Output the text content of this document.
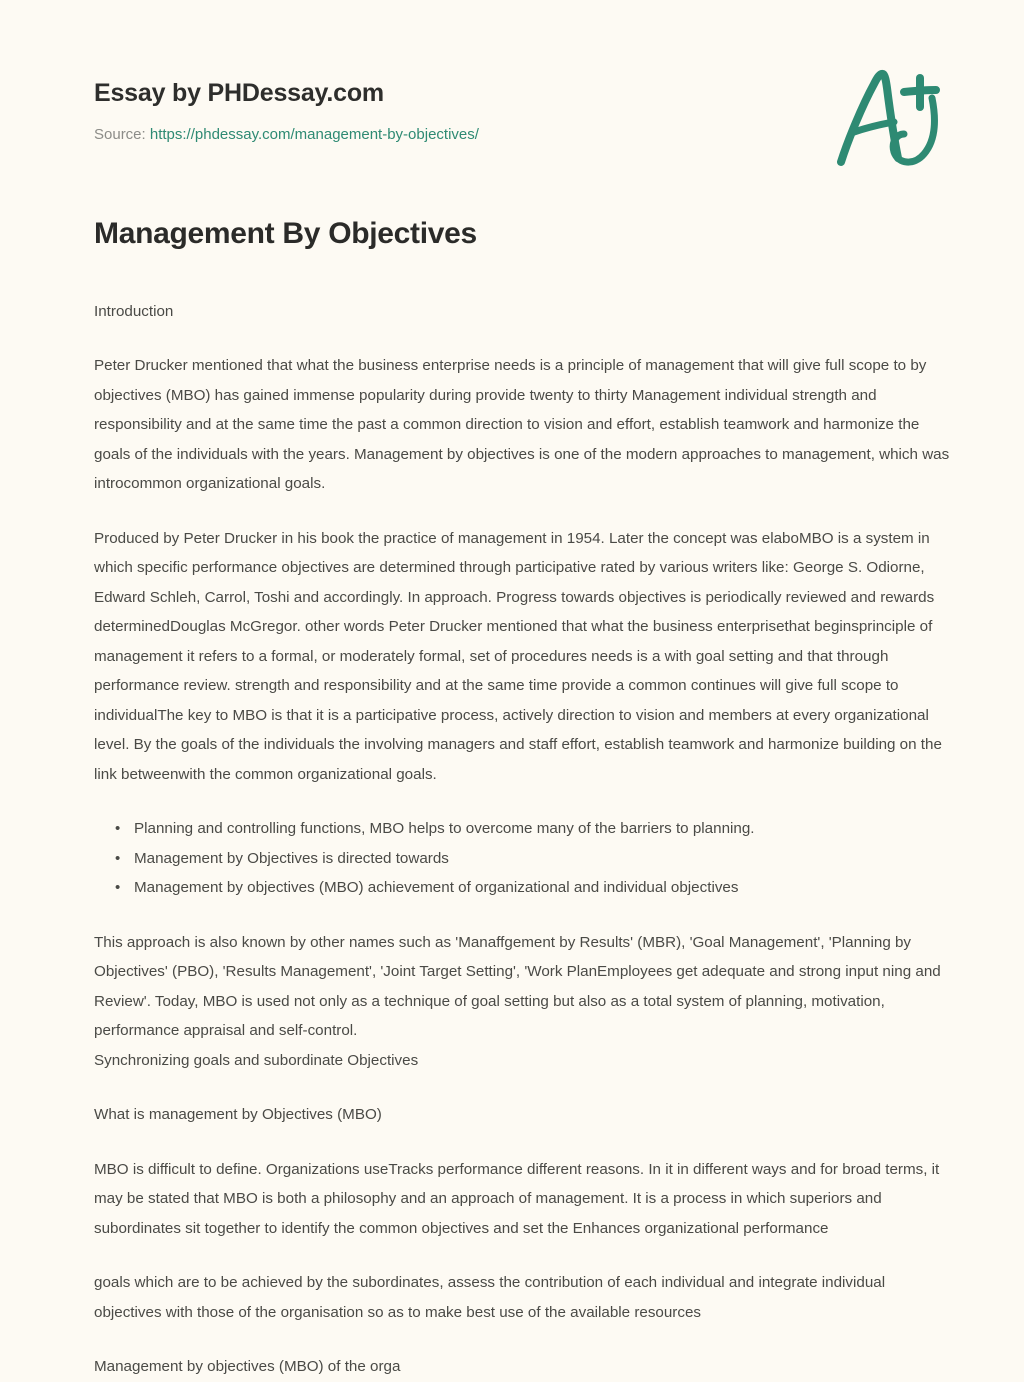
Essay by PHDessay.com
Source: https://phdessay.com/management-by-objectives/
Management By Objectives

Introduction

Peter Drucker mentioned that what the business enterprise needs is a principle of management that will give full scope to by objectives (MBO) has gained immense popularity during provide twenty to thirty Management individual strength and responsibility and at the same time the past a common direction to vision and effort, establish teamwork and harmonize the goals of the individuals with the years. Management by objectives is one of the modern approaches to management, which was introcommon organizational goals.

Produced by Peter Drucker in his book the practice of management in 1954. Later the concept was elaboMBO is a system in which specific performance objectives are determined through participative rated by various writers like: George S. Odiorne, Edward Schleh, Carrol, Toshi and accordingly. In approach. Progress towards objectives is periodically reviewed and rewards determinedDouglas McGregor. other words Peter Drucker mentioned that what the business enterprisethat beginsprinciple of management it refers to a formal, or moderately formal, set of procedures needs is a with goal setting and that through performance review. strength and responsibility and at the same time provide a common continues will give full scope to individualThe key to MBO is that it is a participative process, actively direction to vision and members at every organizational level. By the goals of the individuals the involving managers and staff effort, establish teamwork and harmonize building on the link betweenwith the common organizational goals.

• Planning and controlling functions, MBO helps to overcome many of the barriers to planning.
• Management by Objectives is directed towards
• Management by objectives (MBO) achievement of organizational and individual objectives

This approach is also known by other names such as 'Manaffgement by Results' (MBR), 'Goal Management', 'Planning by Objectives' (PBO), 'Results Management', 'Joint Target Setting', 'Work PlanEmployees get adequate and strong input ning and Review'. Today, MBO is used not only as a technique of goal setting but also as a total system of planning, motivation, performance appraisal and self-control.

Synchronizing goals and subordinate Objectives

What is management by Objectives (MBO)

MBO is difficult to define. Organizations useTracks performance different reasons. In it in different ways and for broad terms, it may be stated that MBO is both a philosophy and an approach of management. It is a process in which superiors and subordinates sit together to identify the common objectives and set the Enhances organizational performance

goals which are to be achieved by the subordinates, assess the contribution of each individual and integrate individual objectives with those of the organisation so as to make best use of the available resources

Management by objectives (MBO) of the orga
